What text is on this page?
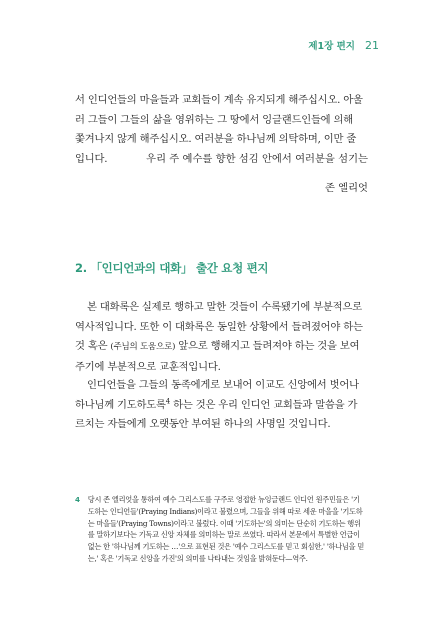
제1장 편지 21

서 인디언들의 마을들과 교회들이 계속 유지되게 해주십시오. 아울러 그들이 그들의 삶을 영위하는 그 땅에서 잉글랜드인들에 의해 쫓겨나지 않게 해주십시오. 여러분을 하나님께 의탁하며, 이만 줄입니다.	우리 주 예수를 향한 섬김 안에서 여러분을 섬기는
존 엘리엇
2. 「인디언과의 대화」 출간 요청 편지

본 대화록은 실제로 행하고 말한 것들이 수록됐기에 부분적으로 역사적입니다. 또한 이 대화록은 동일한 상황에서 들려졌어야 하는 것 혹은 (주님의 도움으로) 앞으로 행해지고 들려져야 하는 것을 보여주기에 부분적으로 교훈적입니다.

인디언들을 그들의 동족에게로 보내어 이교도 신앙에서 벗어나 하나님께 기도하도록$^4$ 하는 것은 우리 인디언 교회들과 말씀을 가르치는 자들에게 오랫동안 부여된 하나의 사명일 것입니다.

4 당시 존 엘리엇을 통하여 예수 그리스도를 구주로 영접한 뉴잉글랜드 인디언 원주민들은 '기도하는 인디언들'(Praying Indians)이라고 불렸으며, 그들을 위해 따로 세운 마을을 '기도하는 마을들'(Praying Towns)이라고 불렀다. 이때 '기도하는'의 의미는 단순히 기도하는 행위를 말하기보다는 기독교 신앙 자체를 의미하는 말로 쓰였다. 따라서 본문에서 특별한 언급이 없는 한 '하나님께 기도하는 …'으로 표현된 것은 '예수 그리스도를 믿고 회심한,' '하나님을 믿는,' 혹은 '기독교 신앙을 가진'의 의미를 나타내는 것임을 밝혀둔다—역주.
